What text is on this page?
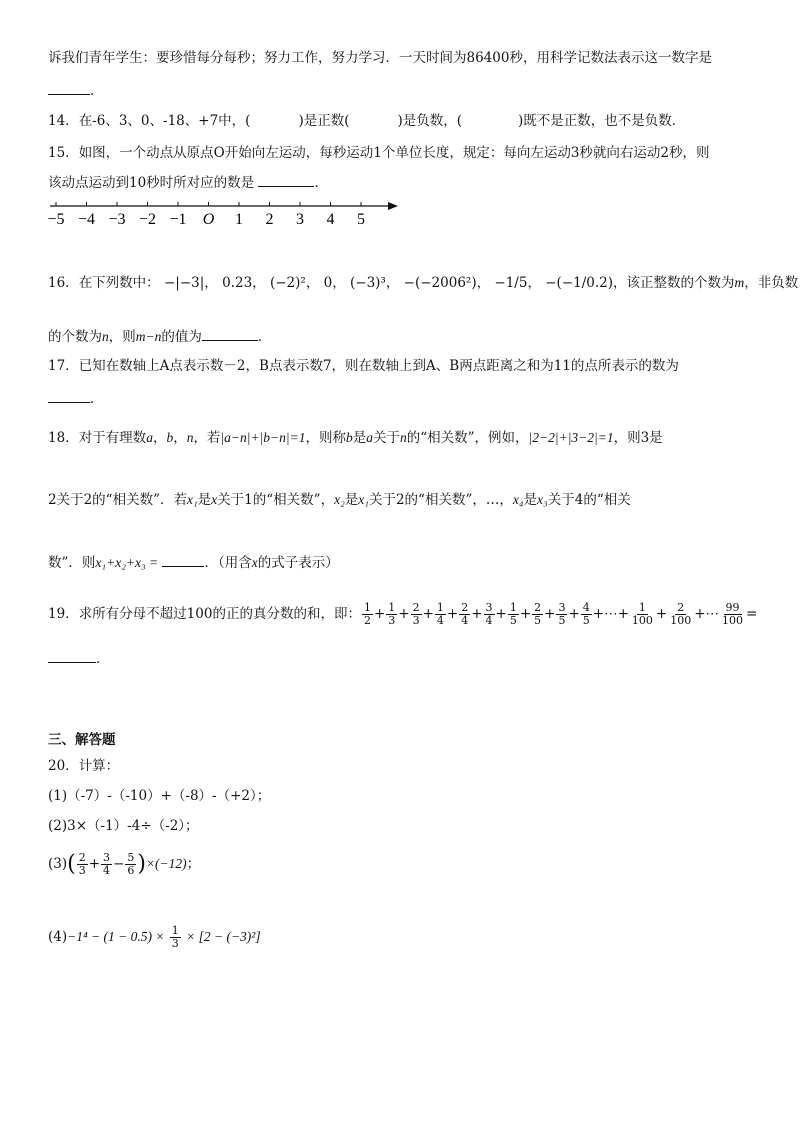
诉我们青年学生：要珍惜每分每秒；努力工作，努力学习．一天时间为86400秒，用科学记数法表示这一数字是
．
14．在-6、3、0、-18、+7中，(	)是正数(	)是负数，(	)既不是正数，也不是负数．
15．如图，一个动点从原点O开始向左运动，每秒运动1个单位长度，规定：每向左运动3秒就向右运动2秒，则
该动点运动到10秒时所对应的数是	．
−5 −4 −3 −2 −1 O 1 2 3 4 5
16．在下列数中： −|−3|， 0.23， (−2)²， 0， (−3)³， −(−2006²)， −1/5， −(−1/0.2)，该正整数的个数为m，非负数
的个数为n，则m−n的值为	．
17．已知在数轴上A点表示数－2，B点表示数7，则在数轴上到A、B两点距离之和为11的点所表示的数为
．
18．对于有理数a，b，n，若|a−n|+|b−n|=1，则称b是a关于n的“相关数”，例如，|2−2|+|3−2|=1，则3是
2关于2的“相关数”．若x₁是x关于1的“相关数”，x₂是x₁关于2的“相关数”，…，x₄是x₃关于4的“相关
数”．则x₁+x₂+x₃ =	．（用含x的式子表示）
19．求所有分母不超过100的正的真分数的和，即： $\frac{1}{2} + \frac{1}{3} + \frac{2}{3} + \frac{1}{4} + \frac{2}{4} + \frac{3}{4} + \frac{1}{5} + \frac{2}{5} + \frac{3}{5} + \frac{4}{5}$ +⋯+ $\frac{1}{100} + \frac{2}{100}$ +⋯ $\frac{99}{100}$ =
．
三、解答题
20．计算：
(1)（-7）-（-10）+（-8）-（+2）；
(2)3×（-1）-4÷（-2）；
$(3)( \frac{2}{3} + \frac{3}{4} - \frac{5}{6} )\times(-12)$；
$(4)-1^4 - (1 - 0.5) \times \frac{1}{3} \times [2 - (-3)^2]$
